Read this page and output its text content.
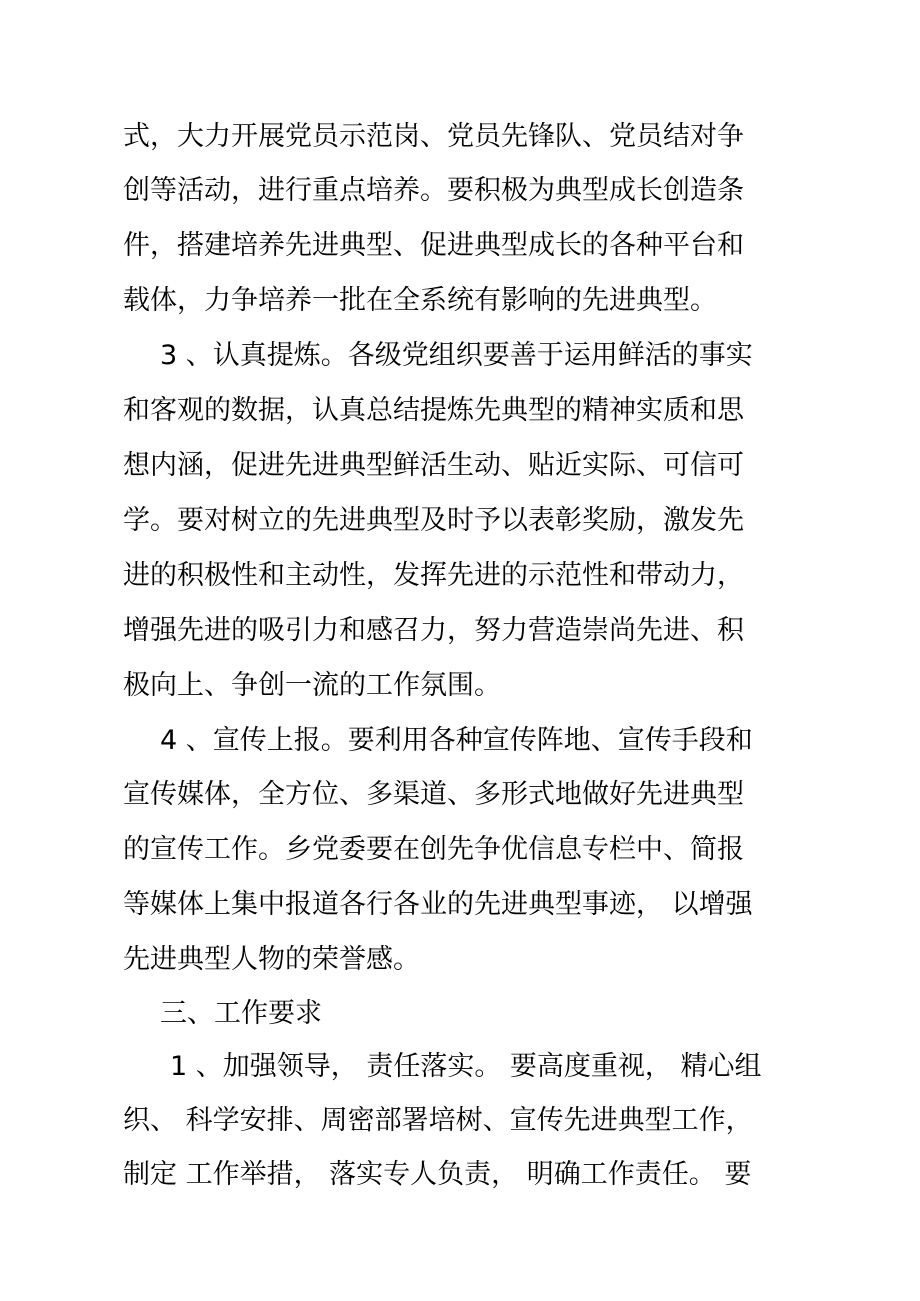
式，大力开展党员示范岗、党员先锋队、党员结对争
创等活动，进行重点培养。要积极为典型成长创造条
件，搭建培养先进典型、促进典型成长的各种平台和
载体，力争培养一批在全系统有影响的先进典型。
3 、认真提炼。各级党组织要善于运用鲜活的事实
和客观的数据，认真总结提炼先典型的精神实质和思
想内涵，促进先进典型鲜活生动、贴近实际、可信可
学。要对树立的先进典型及时予以表彰奖励，激发先
进的积极性和主动性，发挥先进的示范性和带动力，
增强先进的吸引力和感召力，努力营造崇尚先进、积
极向上、争创一流的工作氛围。
4 、宣传上报。要利用各种宣传阵地、宣传手段和
宣传媒体，全方位、多渠道、多形式地做好先进典型
的宣传工作。乡党委要在创先争优信息专栏中、简报
等媒体上集中报道各行各业的先进典型事迹， 以增强
先进典型人物的荣誉感。
三、工作要求
1 、加强领导， 责任落实。 要高度重视， 精心组
织、 科学安排、周密部署培树、宣传先进典型工作，
制定 工作举措， 落实专人负责， 明确工作责任。 要
